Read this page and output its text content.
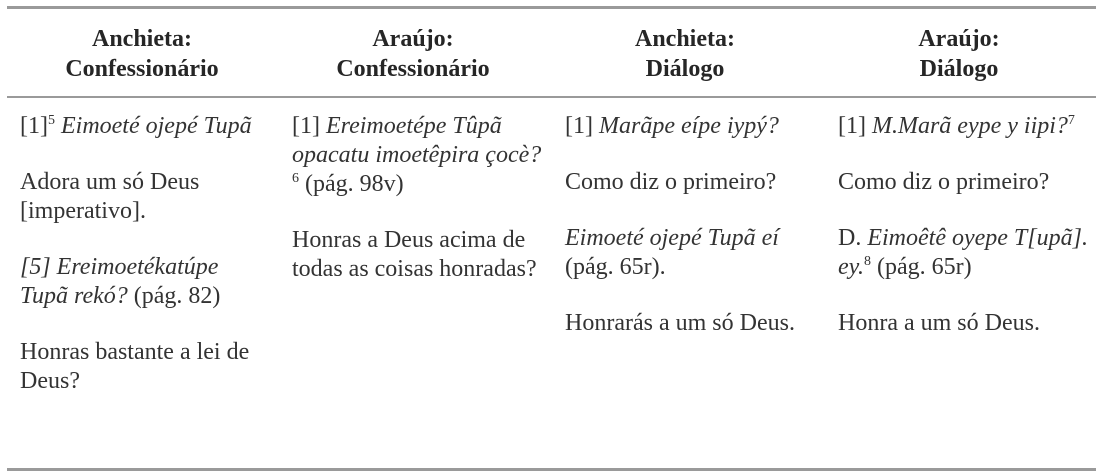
Anchieta:
Confessionário
Araújo:
Confessionário
Anchieta:
Diálogo
Araújo:
Diálogo

$[1]^5$ Eimoeté ojepé Tupã

Adora um só Deus [imperativo].

[5] Ereimoetékatúpe Tupã rekó? (pág. 82)

Honras bastante a lei de Deus?

[1] Ereimoetépe Tûpã opacatu imoetêpira çocè?$^6$ (pág. 98v)

Honras a Deus acima de todas as coisas honradas?

[1] Marãpe eípe iypý?

Como diz o primeiro?

Eimoeté ojepé Tupã eí (pág. 65r).

Honrarás a um só Deus.

[1] M.Marã eype y iipi?$^7$

Como diz o primeiro?

D. Eimoêtê oyepe T[upã]. ey.$^8$ (pág. 65r)

Honra a um só Deus.
